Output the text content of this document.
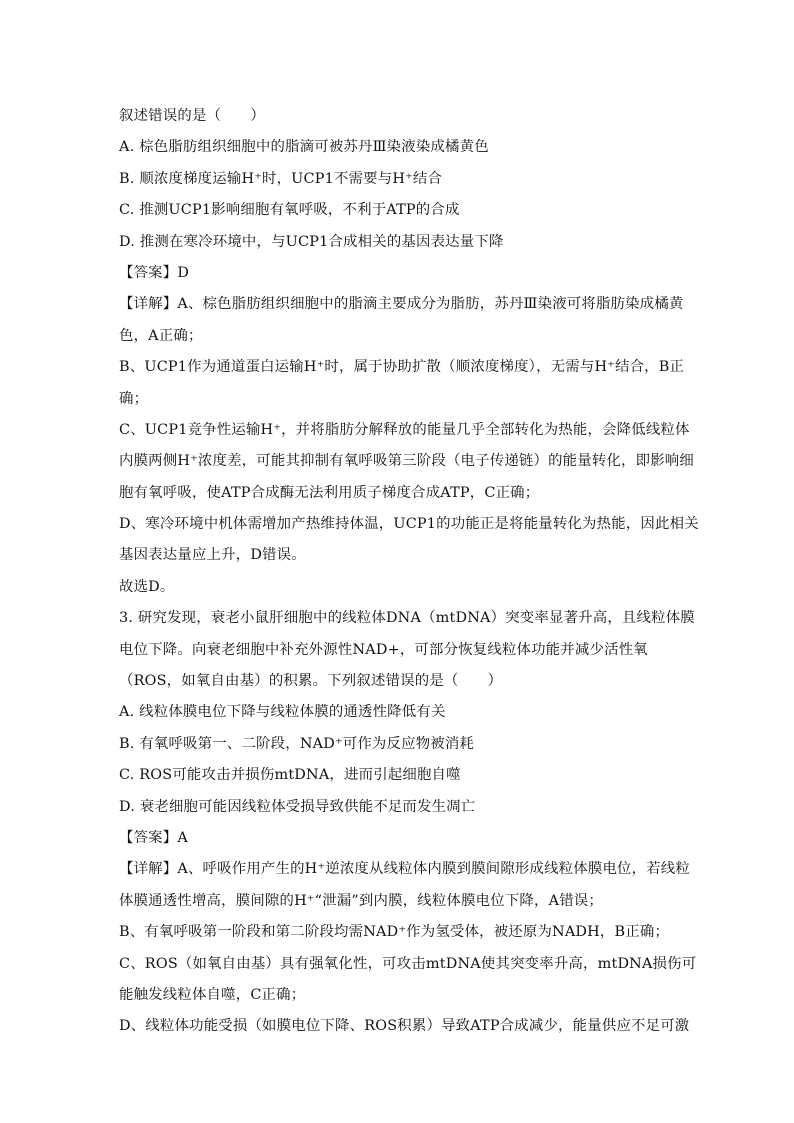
叙述错误的是（　　）
A. 棕色脂肪组织细胞中的脂滴可被苏丹Ⅲ染液染成橘黄色
B. 顺浓度梯度运输H⁺时，UCP1不需要与H⁺结合
C. 推测UCP1影响细胞有氧呼吸，不利于ATP的合成
D. 推测在寒冷环境中，与UCP1合成相关的基因表达量下降
【答案】D
【详解】A、棕色脂肪组织细胞中的脂滴主要成分为脂肪，苏丹Ⅲ染液可将脂肪染成橘黄
色，A正确；
B、UCP1作为通道蛋白运输H⁺时，属于协助扩散（顺浓度梯度），无需与H⁺结合，B正
确；
C、UCP1竞争性运输H⁺，并将脂肪分解释放的能量几乎全部转化为热能，会降低线粒体
内膜两侧H⁺浓度差，可能其抑制有氧呼吸第三阶段（电子传递链）的能量转化，即影响细
胞有氧呼吸，使ATP合成酶无法利用质子梯度合成ATP，C正确；
D、寒冷环境中机体需增加产热维持体温，UCP1的功能正是将能量转化为热能，因此相关
基因表达量应上升，D错误。
故选D。
3. 研究发现，衰老小鼠肝细胞中的线粒体DNA（mtDNA）突变率显著升高，且线粒体膜
电位下降。向衰老细胞中补充外源性NAD+，可部分恢复线粒体功能并减少活性氧
（ROS，如氧自由基）的积累。下列叙述错误的是（　　）
A. 线粒体膜电位下降与线粒体膜的通透性降低有关
B. 有氧呼吸第一、二阶段，NAD⁺可作为反应物被消耗
C. ROS可能攻击并损伤mtDNA，进而引起细胞自噬
D. 衰老细胞可能因线粒体受损导致供能不足而发生凋亡
【答案】A
【详解】A、呼吸作用产生的H⁺逆浓度从线粒体内膜到膜间隙形成线粒体膜电位，若线粒
体膜通透性增高，膜间隙的H⁺“泄漏”到内膜，线粒体膜电位下降，A错误；
B、有氧呼吸第一阶段和第二阶段均需NAD⁺作为氢受体，被还原为NADH，B正确；
C、ROS（如氧自由基）具有强氧化性，可攻击mtDNA使其突变率升高，mtDNA损伤可
能触发线粒体自噬，C正确；
D、线粒体功能受损（如膜电位下降、ROS积累）导致ATP合成减少，能量供应不足可激
